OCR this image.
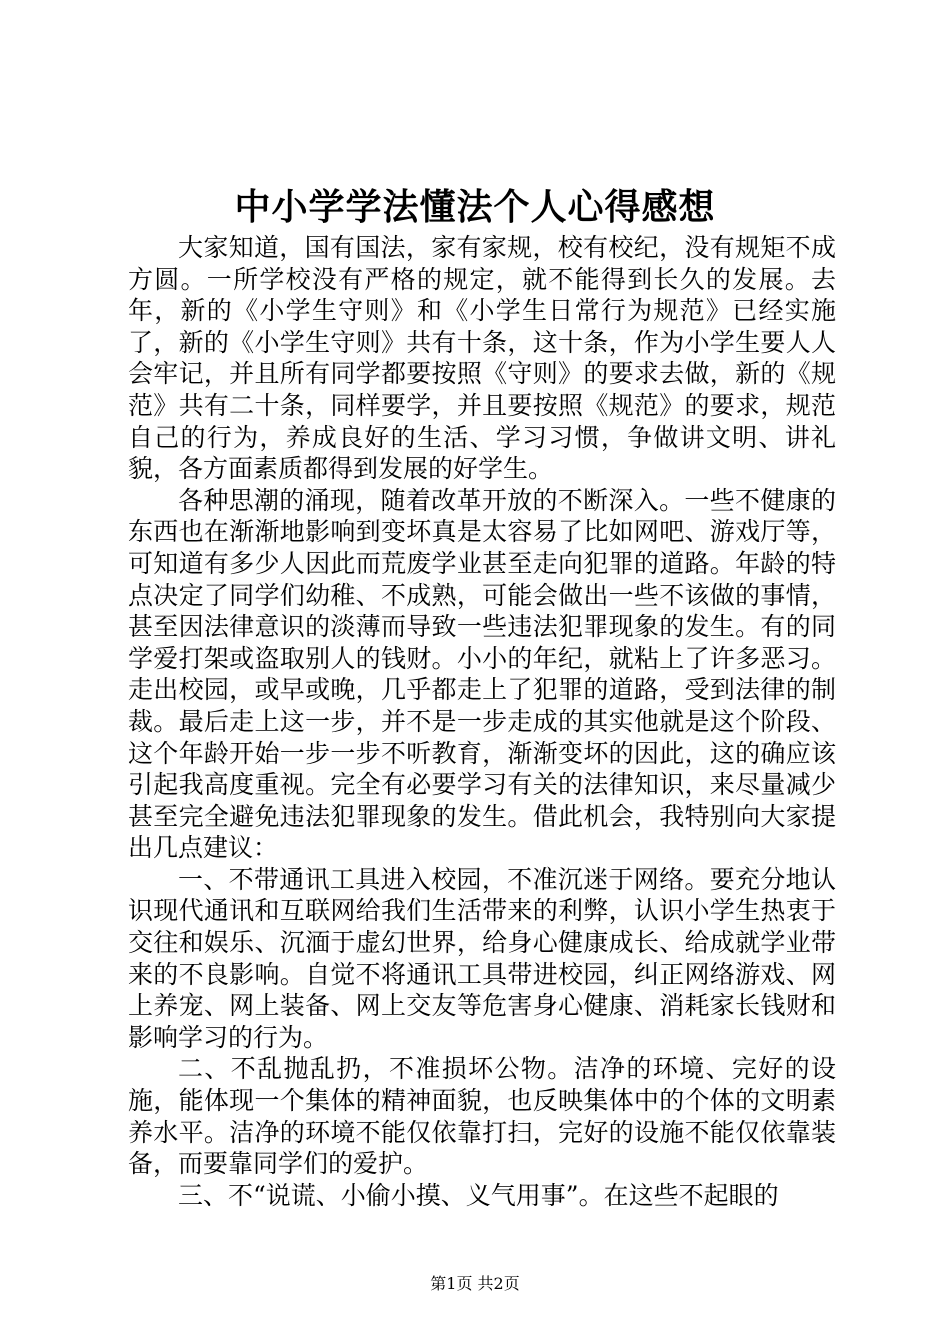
中小学学法懂法个人心得感想

大家知道，国有国法，家有家规，校有校纪，没有规矩不成方圆。一所学校没有严格的规定，就不能得到长久的发展。去年，新的《小学生守则》和《小学生日常行为规范》已经实施了，新的《小学生守则》共有十条，这十条，作为小学生要人人会牢记，并且所有同学都要按照《守则》的要求去做，新的《规范》共有二十条，同样要学，并且要按照《规范》的要求，规范自己的行为，养成良好的生活、学习习惯，争做讲文明、讲礼貌，各方面素质都得到发展的好学生。

各种思潮的涌现，随着改革开放的不断深入。一些不健康的东西也在渐渐地影响到变坏真是太容易了比如网吧、游戏厅等，可知道有多少人因此而荒废学业甚至走向犯罪的道路。年龄的特点决定了同学们幼稚、不成熟，可能会做出一些不该做的事情，甚至因法律意识的淡薄而导致一些违法犯罪现象的发生。有的同学爱打架或盗取别人的钱财。小小的年纪，就粘上了许多恶习。走出校园，或早或晚，几乎都走上了犯罪的道路，受到法律的制裁。最后走上这一步，并不是一步走成的其实他就是这个阶段、这个年龄开始一步一步不听教育，渐渐变坏的因此，这的确应该引起我高度重视。完全有必要学习有关的法律知识，来尽量减少甚至完全避免违法犯罪现象的发生。借此机会，我特别向大家提出几点建议：

一、不带通讯工具进入校园，不准沉迷于网络。要充分地认识现代通讯和互联网给我们生活带来的利弊，认识小学生热衷于交往和娱乐、沉湎于虚幻世界，给身心健康成长、给成就学业带来的不良影响。自觉不将通讯工具带进校园，纠正网络游戏、网上养宠、网上装备、网上交友等危害身心健康、消耗家长钱财和影响学习的行为。

二、不乱抛乱扔，不准损坏公物。洁净的环境、完好的设施，能体现一个集体的精神面貌，也反映集体中的个体的文明素养水平。洁净的环境不能仅依靠打扫，完好的设施不能仅依靠装备，而要靠同学们的爱护。

三、不“说谎、小偷小摸、义气用事”。在这些不起眼的

第1页 共2页
